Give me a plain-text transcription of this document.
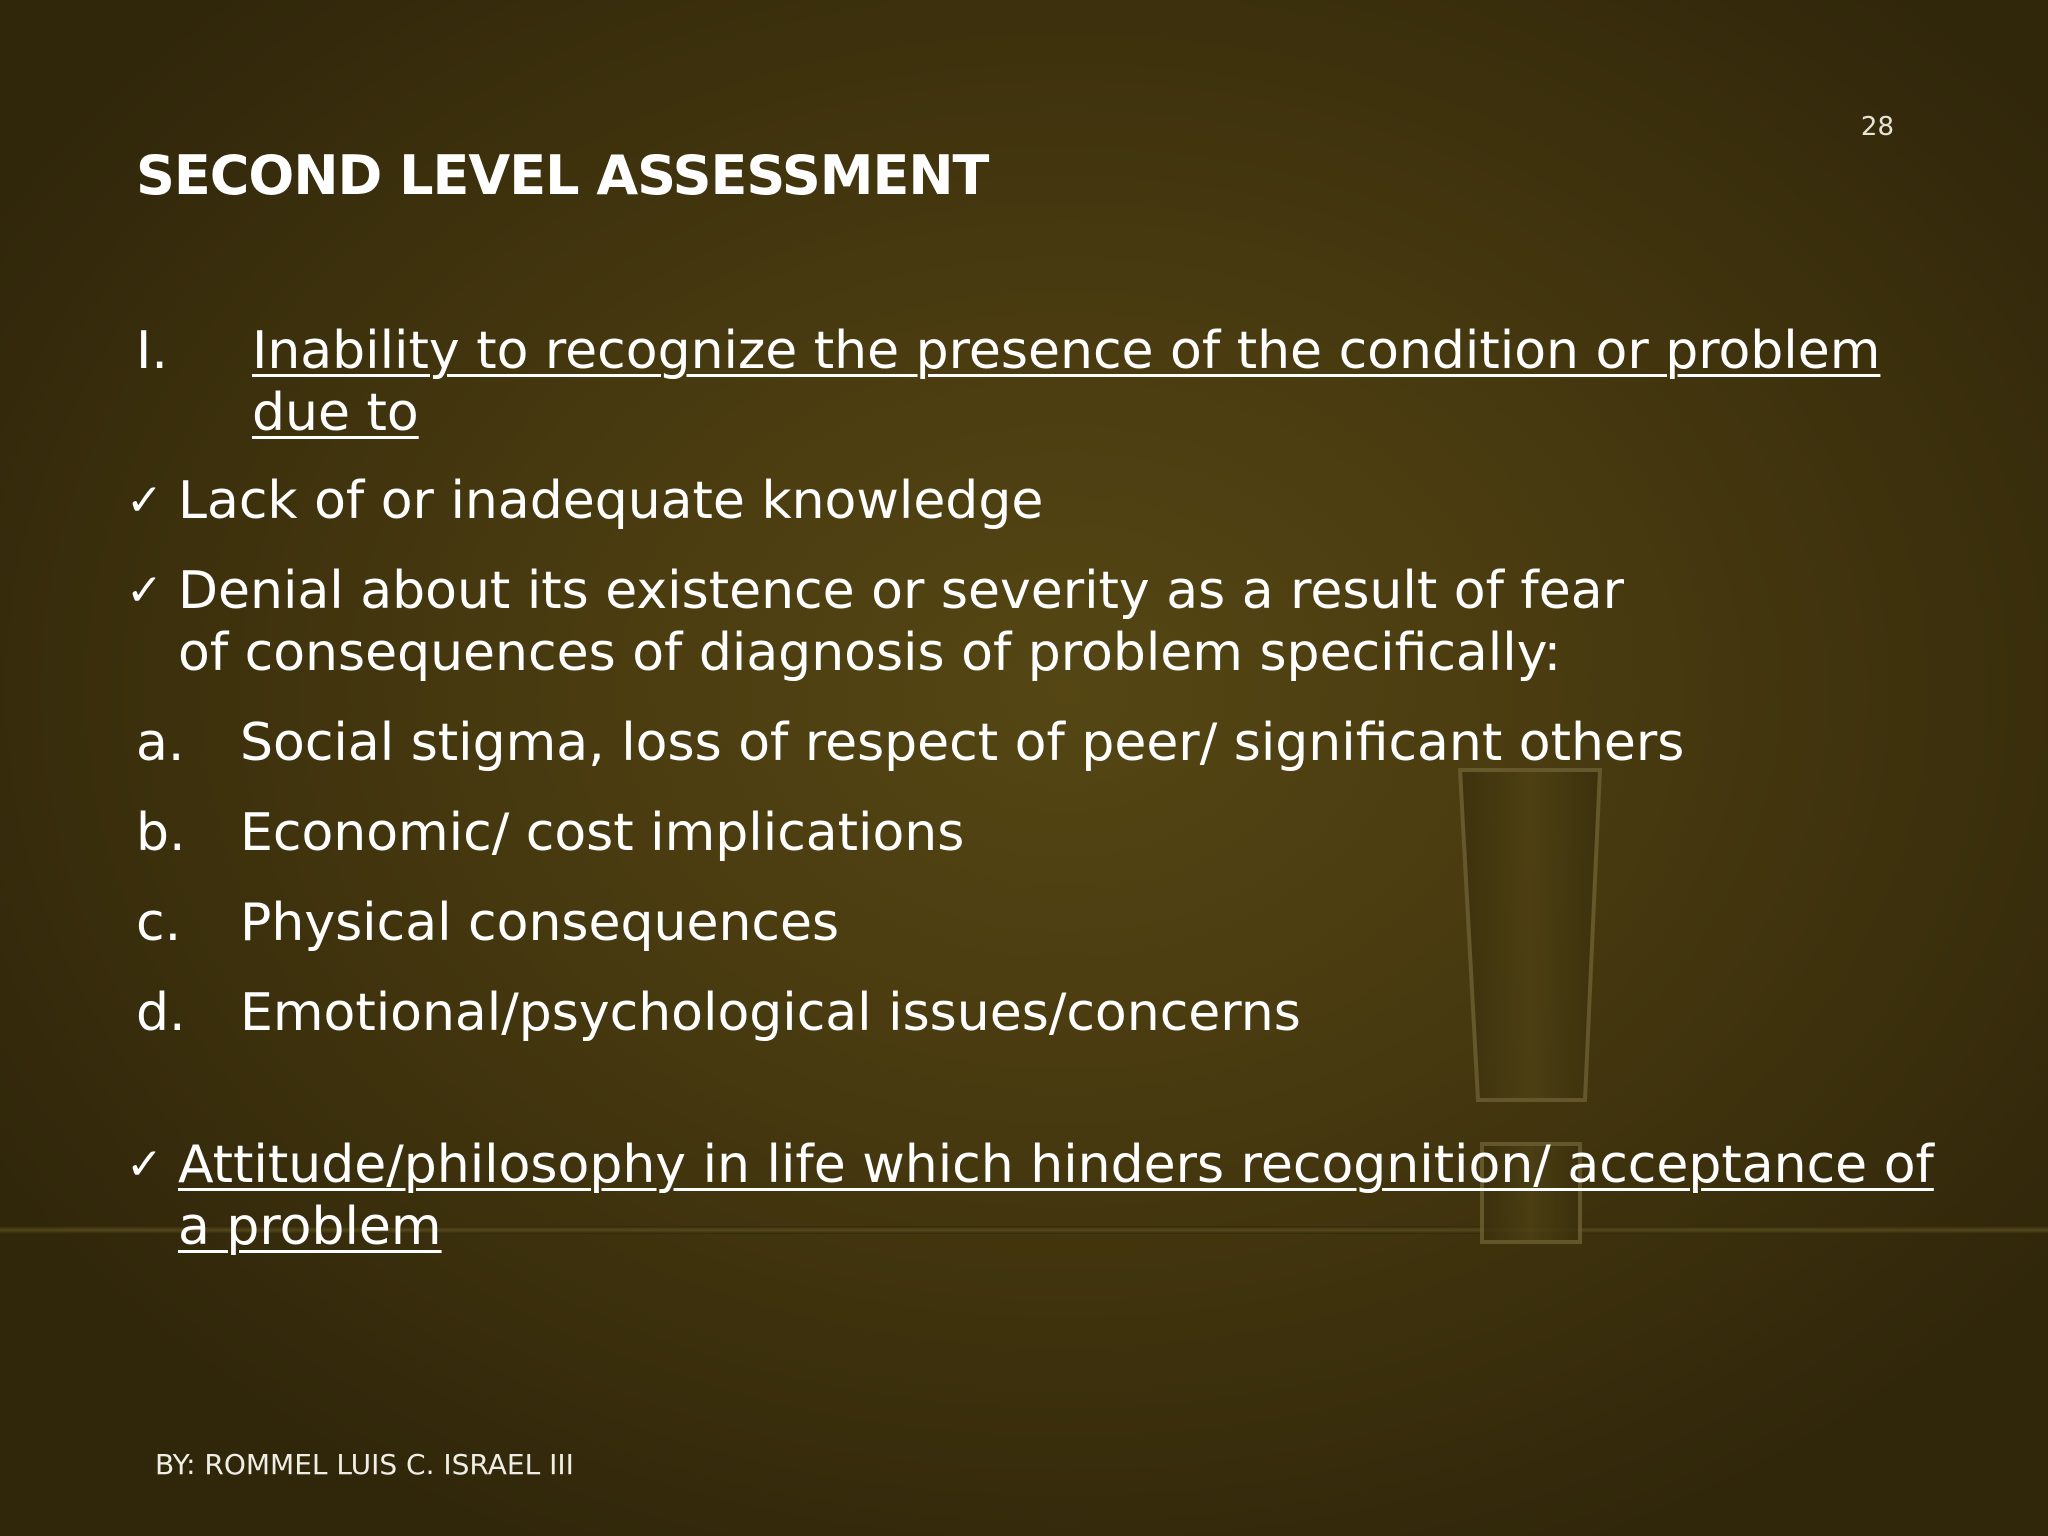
28
SECOND LEVEL ASSESSMENT
I.	Inability to recognize the presence of the condition or problem due to
✓ Lack of or inadequate knowledge
✓ Denial about its existence or severity as a result of fear of consequences of diagnosis of problem specifically:
a.	Social stigma, loss of respect of peer/ significant others
b.	Economic/ cost implications
c.	Physical consequences
d.	Emotional/psychological issues/concerns
✓ Attitude/philosophy in life which hinders recognition/ acceptance of a problem
BY: ROMMEL LUIS C. ISRAEL III
